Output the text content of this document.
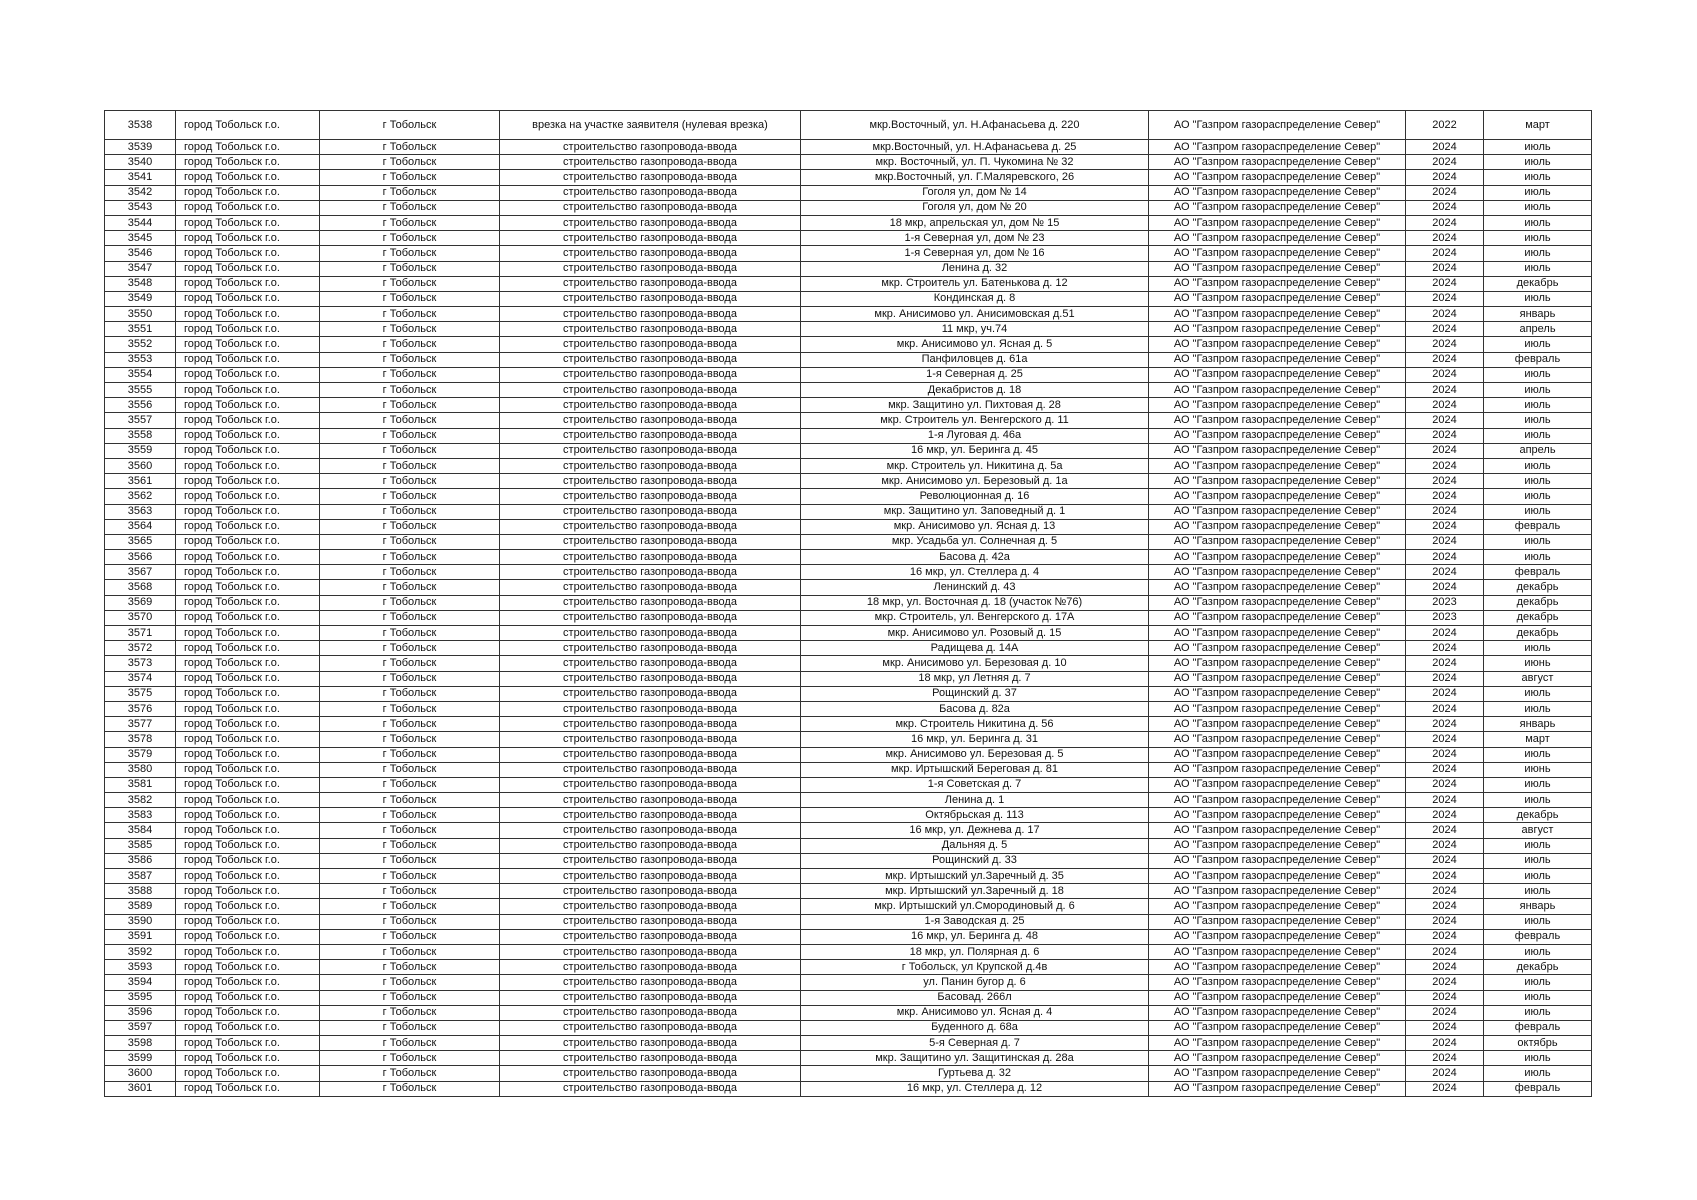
3538	город Тобольск г.о.	г Тобольск	врезка на участке заявителя (нулевая врезка)	мкр.Восточный, ул. Н.Афанасьева д. 220	АО "Газпром газораспределение Север"	2022	март
3539	город Тобольск г.о.	г Тобольск	строительство газопровода-ввода	мкр.Восточный, ул. Н.Афанасьева д. 25	АО "Газпром газораспределение Север"	2024	июль
3540	город Тобольск г.о.	г Тобольск	строительство газопровода-ввода	мкр. Восточный, ул. П. Чукомина № 32	АО "Газпром газораспределение Север"	2024	июль
3541	город Тобольск г.о.	г Тобольск	строительство газопровода-ввода	мкр.Восточный, ул. Г.Маляревского, 26	АО "Газпром газораспределение Север"	2024	июль
3542	город Тобольск г.о.	г Тобольск	строительство газопровода-ввода	Гоголя ул, дом № 14	АО "Газпром газораспределение Север"	2024	июль
3543	город Тобольск г.о.	г Тобольск	строительство газопровода-ввода	Гоголя ул, дом № 20	АО "Газпром газораспределение Север"	2024	июль
3544	город Тобольск г.о.	г Тобольск	строительство газопровода-ввода	18 мкр, апрельская ул, дом № 15	АО "Газпром газораспределение Север"	2024	июль
3545	город Тобольск г.о.	г Тобольск	строительство газопровода-ввода	1-я Северная ул, дом № 23	АО "Газпром газораспределение Север"	2024	июль
3546	город Тобольск г.о.	г Тобольск	строительство газопровода-ввода	1-я Северная ул, дом № 16	АО "Газпром газораспределение Север"	2024	июль
3547	город Тобольск г.о.	г Тобольск	строительство газопровода-ввода	Ленина д. 32	АО "Газпром газораспределение Север"	2024	июль
3548	город Тобольск г.о.	г Тобольск	строительство газопровода-ввода	мкр. Строитель ул. Батенькова д. 12	АО "Газпром газораспределение Север"	2024	декабрь
3549	город Тобольск г.о.	г Тобольск	строительство газопровода-ввода	Кондинская д. 8	АО "Газпром газораспределение Север"	2024	июль
3550	город Тобольск г.о.	г Тобольск	строительство газопровода-ввода	мкр. Анисимово ул. Анисимовская д.51	АО "Газпром газораспределение Север"	2024	январь
3551	город Тобольск г.о.	г Тобольск	строительство газопровода-ввода	11 мкр, уч.74	АО "Газпром газораспределение Север"	2024	апрель
3552	город Тобольск г.о.	г Тобольск	строительство газопровода-ввода	мкр. Анисимово ул. Ясная д. 5	АО "Газпром газораспределение Север"	2024	июль
3553	город Тобольск г.о.	г Тобольск	строительство газопровода-ввода	Панфиловцев д. 61а	АО "Газпром газораспределение Север"	2024	февраль
3554	город Тобольск г.о.	г Тобольск	строительство газопровода-ввода	1-я Северная д. 25	АО "Газпром газораспределение Север"	2024	июль
3555	город Тобольск г.о.	г Тобольск	строительство газопровода-ввода	Декабристов д. 18	АО "Газпром газораспределение Север"	2024	июль
3556	город Тобольск г.о.	г Тобольск	строительство газопровода-ввода	мкр. Защитино ул. Пихтовая д. 28	АО "Газпром газораспределение Север"	2024	июль
3557	город Тобольск г.о.	г Тобольск	строительство газопровода-ввода	мкр. Строитель ул. Венгерского д. 11	АО "Газпром газораспределение Север"	2024	июль
3558	город Тобольск г.о.	г Тобольск	строительство газопровода-ввода	1-я Луговая д. 46а	АО "Газпром газораспределение Север"	2024	июль
3559	город Тобольск г.о.	г Тобольск	строительство газопровода-ввода	16 мкр, ул. Беринга д. 45	АО "Газпром газораспределение Север"	2024	апрель
3560	город Тобольск г.о.	г Тобольск	строительство газопровода-ввода	мкр. Строитель ул. Никитина д. 5а	АО "Газпром газораспределение Север"	2024	июль
3561	город Тобольск г.о.	г Тобольск	строительство газопровода-ввода	мкр. Анисимово ул. Березовый д. 1а	АО "Газпром газораспределение Север"	2024	июль
3562	город Тобольск г.о.	г Тобольск	строительство газопровода-ввода	Революционная д. 16	АО "Газпром газораспределение Север"	2024	июль
3563	город Тобольск г.о.	г Тобольск	строительство газопровода-ввода	мкр. Защитино ул. Заповедный д. 1	АО "Газпром газораспределение Север"	2024	июль
3564	город Тобольск г.о.	г Тобольск	строительство газопровода-ввода	мкр. Анисимово ул. Ясная д. 13	АО "Газпром газораспределение Север"	2024	февраль
3565	город Тобольск г.о.	г Тобольск	строительство газопровода-ввода	мкр. Усадьба ул. Солнечная д. 5	АО "Газпром газораспределение Север"	2024	июль
3566	город Тобольск г.о.	г Тобольск	строительство газопровода-ввода	Басова д. 42а	АО "Газпром газораспределение Север"	2024	июль
3567	город Тобольск г.о.	г Тобольск	строительство газопровода-ввода	16 мкр, ул. Стеллера д. 4	АО "Газпром газораспределение Север"	2024	февраль
3568	город Тобольск г.о.	г Тобольск	строительство газопровода-ввода	Ленинский д. 43	АО "Газпром газораспределение Север"	2024	декабрь
3569	город Тобольск г.о.	г Тобольск	строительство газопровода-ввода	18 мкр, ул. Восточная д. 18 (участок №76)	АО "Газпром газораспределение Север"	2023	декабрь
3570	город Тобольск г.о.	г Тобольск	строительство газопровода-ввода	мкр. Строитель, ул. Венгерского д. 17А	АО "Газпром газораспределение Север"	2023	декабрь
3571	город Тобольск г.о.	г Тобольск	строительство газопровода-ввода	мкр. Анисимово ул. Розовый д. 15	АО "Газпром газораспределение Север"	2024	декабрь
3572	город Тобольск г.о.	г Тобольск	строительство газопровода-ввода	Радищева д. 14А	АО "Газпром газораспределение Север"	2024	июль
3573	город Тобольск г.о.	г Тобольск	строительство газопровода-ввода	мкр. Анисимово ул. Березовая д. 10	АО "Газпром газораспределение Север"	2024	июнь
3574	город Тобольск г.о.	г Тобольск	строительство газопровода-ввода	18 мкр, ул Летняя д. 7	АО "Газпром газораспределение Север"	2024	август
3575	город Тобольск г.о.	г Тобольск	строительство газопровода-ввода	Рощинский д. 37	АО "Газпром газораспределение Север"	2024	июль
3576	город Тобольск г.о.	г Тобольск	строительство газопровода-ввода	Басова д. 82а	АО "Газпром газораспределение Север"	2024	июль
3577	город Тобольск г.о.	г Тобольск	строительство газопровода-ввода	мкр. Строитель Никитина д. 56	АО "Газпром газораспределение Север"	2024	январь
3578	город Тобольск г.о.	г Тобольск	строительство газопровода-ввода	16 мкр, ул. Беринга д. 31	АО "Газпром газораспределение Север"	2024	март
3579	город Тобольск г.о.	г Тобольск	строительство газопровода-ввода	мкр. Анисимово ул. Березовая д. 5	АО "Газпром газораспределение Север"	2024	июль
3580	город Тобольск г.о.	г Тобольск	строительство газопровода-ввода	мкр. Иртышский Береговая д. 81	АО "Газпром газораспределение Север"	2024	июнь
3581	город Тобольск г.о.	г Тобольск	строительство газопровода-ввода	1-я Советская д. 7	АО "Газпром газораспределение Север"	2024	июль
3582	город Тобольск г.о.	г Тобольск	строительство газопровода-ввода	Ленина д. 1	АО "Газпром газораспределение Север"	2024	июль
3583	город Тобольск г.о.	г Тобольск	строительство газопровода-ввода	Октябрьская д. 113	АО "Газпром газораспределение Север"	2024	декабрь
3584	город Тобольск г.о.	г Тобольск	строительство газопровода-ввода	16 мкр, ул. Дежнева д. 17	АО "Газпром газораспределение Север"	2024	август
3585	город Тобольск г.о.	г Тобольск	строительство газопровода-ввода	Дальняя д. 5	АО "Газпром газораспределение Север"	2024	июль
3586	город Тобольск г.о.	г Тобольск	строительство газопровода-ввода	Рощинский д. 33	АО "Газпром газораспределение Север"	2024	июль
3587	город Тобольск г.о.	г Тобольск	строительство газопровода-ввода	мкр. Иртышский ул.Заречный д. 35	АО "Газпром газораспределение Север"	2024	июль
3588	город Тобольск г.о.	г Тобольск	строительство газопровода-ввода	мкр. Иртышский ул.Заречный д. 18	АО "Газпром газораспределение Север"	2024	июль
3589	город Тобольск г.о.	г Тобольск	строительство газопровода-ввода	мкр. Иртышский ул.Смородиновый д. 6	АО "Газпром газораспределение Север"	2024	январь
3590	город Тобольск г.о.	г Тобольск	строительство газопровода-ввода	1-я Заводская д. 25	АО "Газпром газораспределение Север"	2024	июль
3591	город Тобольск г.о.	г Тобольск	строительство газопровода-ввода	16 мкр, ул. Беринга д. 48	АО "Газпром газораспределение Север"	2024	февраль
3592	город Тобольск г.о.	г Тобольск	строительство газопровода-ввода	18 мкр, ул. Полярная д. 6	АО "Газпром газораспределение Север"	2024	июль
3593	город Тобольск г.о.	г Тобольск	строительство газопровода-ввода	г Тобольск, ул Крупской д.4в	АО "Газпром газораспределение Север"	2024	декабрь
3594	город Тобольск г.о.	г Тобольск	строительство газопровода-ввода	ул. Панин бугор д. 6	АО "Газпром газораспределение Север"	2024	июль
3595	город Тобольск г.о.	г Тобольск	строительство газопровода-ввода	Басовад. 266л	АО "Газпром газораспределение Север"	2024	июль
3596	город Тобольск г.о.	г Тобольск	строительство газопровода-ввода	мкр. Анисимово ул. Ясная д. 4	АО "Газпром газораспределение Север"	2024	июль
3597	город Тобольск г.о.	г Тобольск	строительство газопровода-ввода	Буденного д. 68а	АО "Газпром газораспределение Север"	2024	февраль
3598	город Тобольск г.о.	г Тобольск	строительство газопровода-ввода	5-я Северная д. 7	АО "Газпром газораспределение Север"	2024	октябрь
3599	город Тобольск г.о.	г Тобольск	строительство газопровода-ввода	мкр. Защитино ул. Защитинская д. 28а	АО "Газпром газораспределение Север"	2024	июль
3600	город Тобольск г.о.	г Тобольск	строительство газопровода-ввода	Гуртьева д. 32	АО "Газпром газораспределение Север"	2024	июль
3601	город Тобольск г.о.	г Тобольск	строительство газопровода-ввода	16 мкр, ул. Стеллера д. 12	АО "Газпром газораспределение Север"	2024	февраль
